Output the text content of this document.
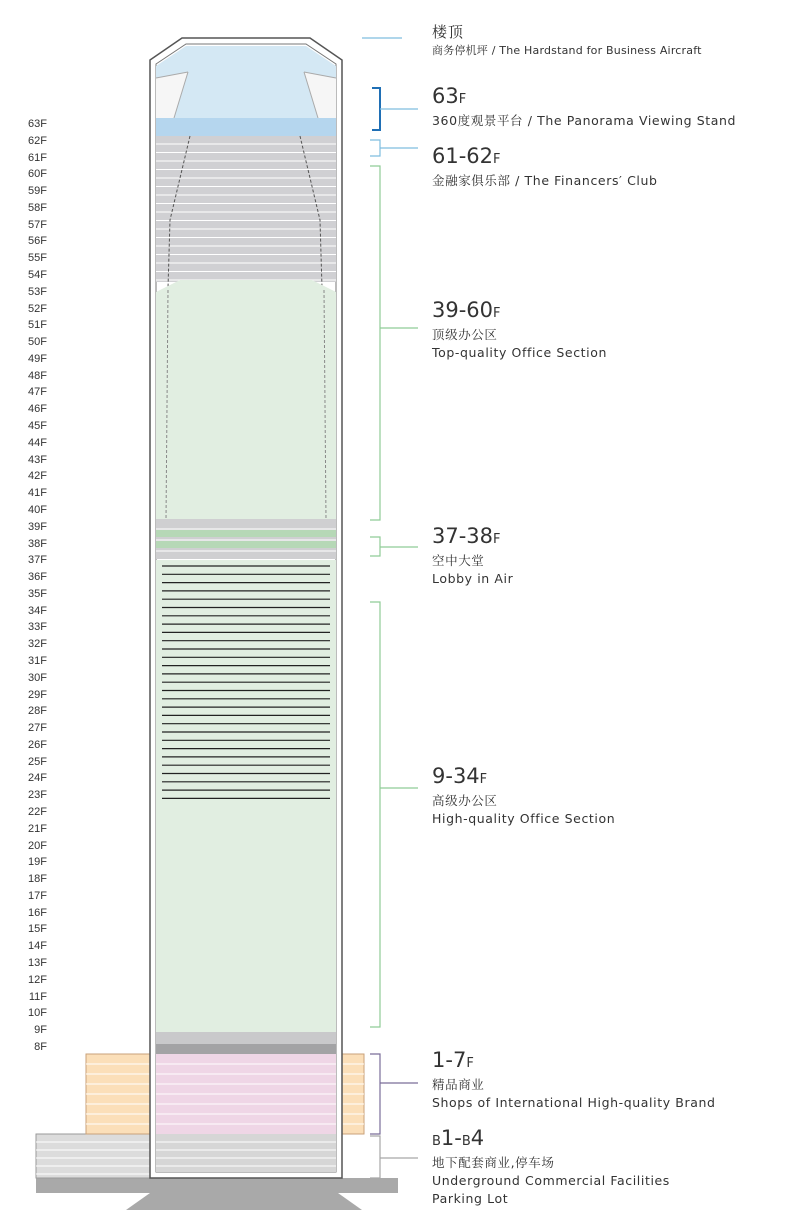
63F
62F
61F
60F
59F
58F
57F
56F
55F
54F
53F
52F
51F
50F
49F
48F
47F
46F
45F
44F
43F
42F
41F
40F
39F
38F
37F
36F
35F
34F
33F
32F
31F
30F
29F
28F
27F
26F
25F
24F
23F
22F
21F
20F
19F
18F
17F
16F
15F
14F
13F
12F
11F
10F
9F
8F
楼顶
商务停机坪 / The Hardstand for Business Aircraft
63F
360度观景平台 / The Panorama Viewing Stand
61-62F
金融家俱乐部 / The Financers′ Club
39-60F
顶级办公区
Top-quality Office Section
37-38F
空中大堂
Lobby in Air
9-34F
高级办公区
High-quality Office Section
1-7F
精品商业
Shops of International High-quality Brand
B1-B4
地下配套商业,停车场
Underground Commercial Facilities
Parking Lot
